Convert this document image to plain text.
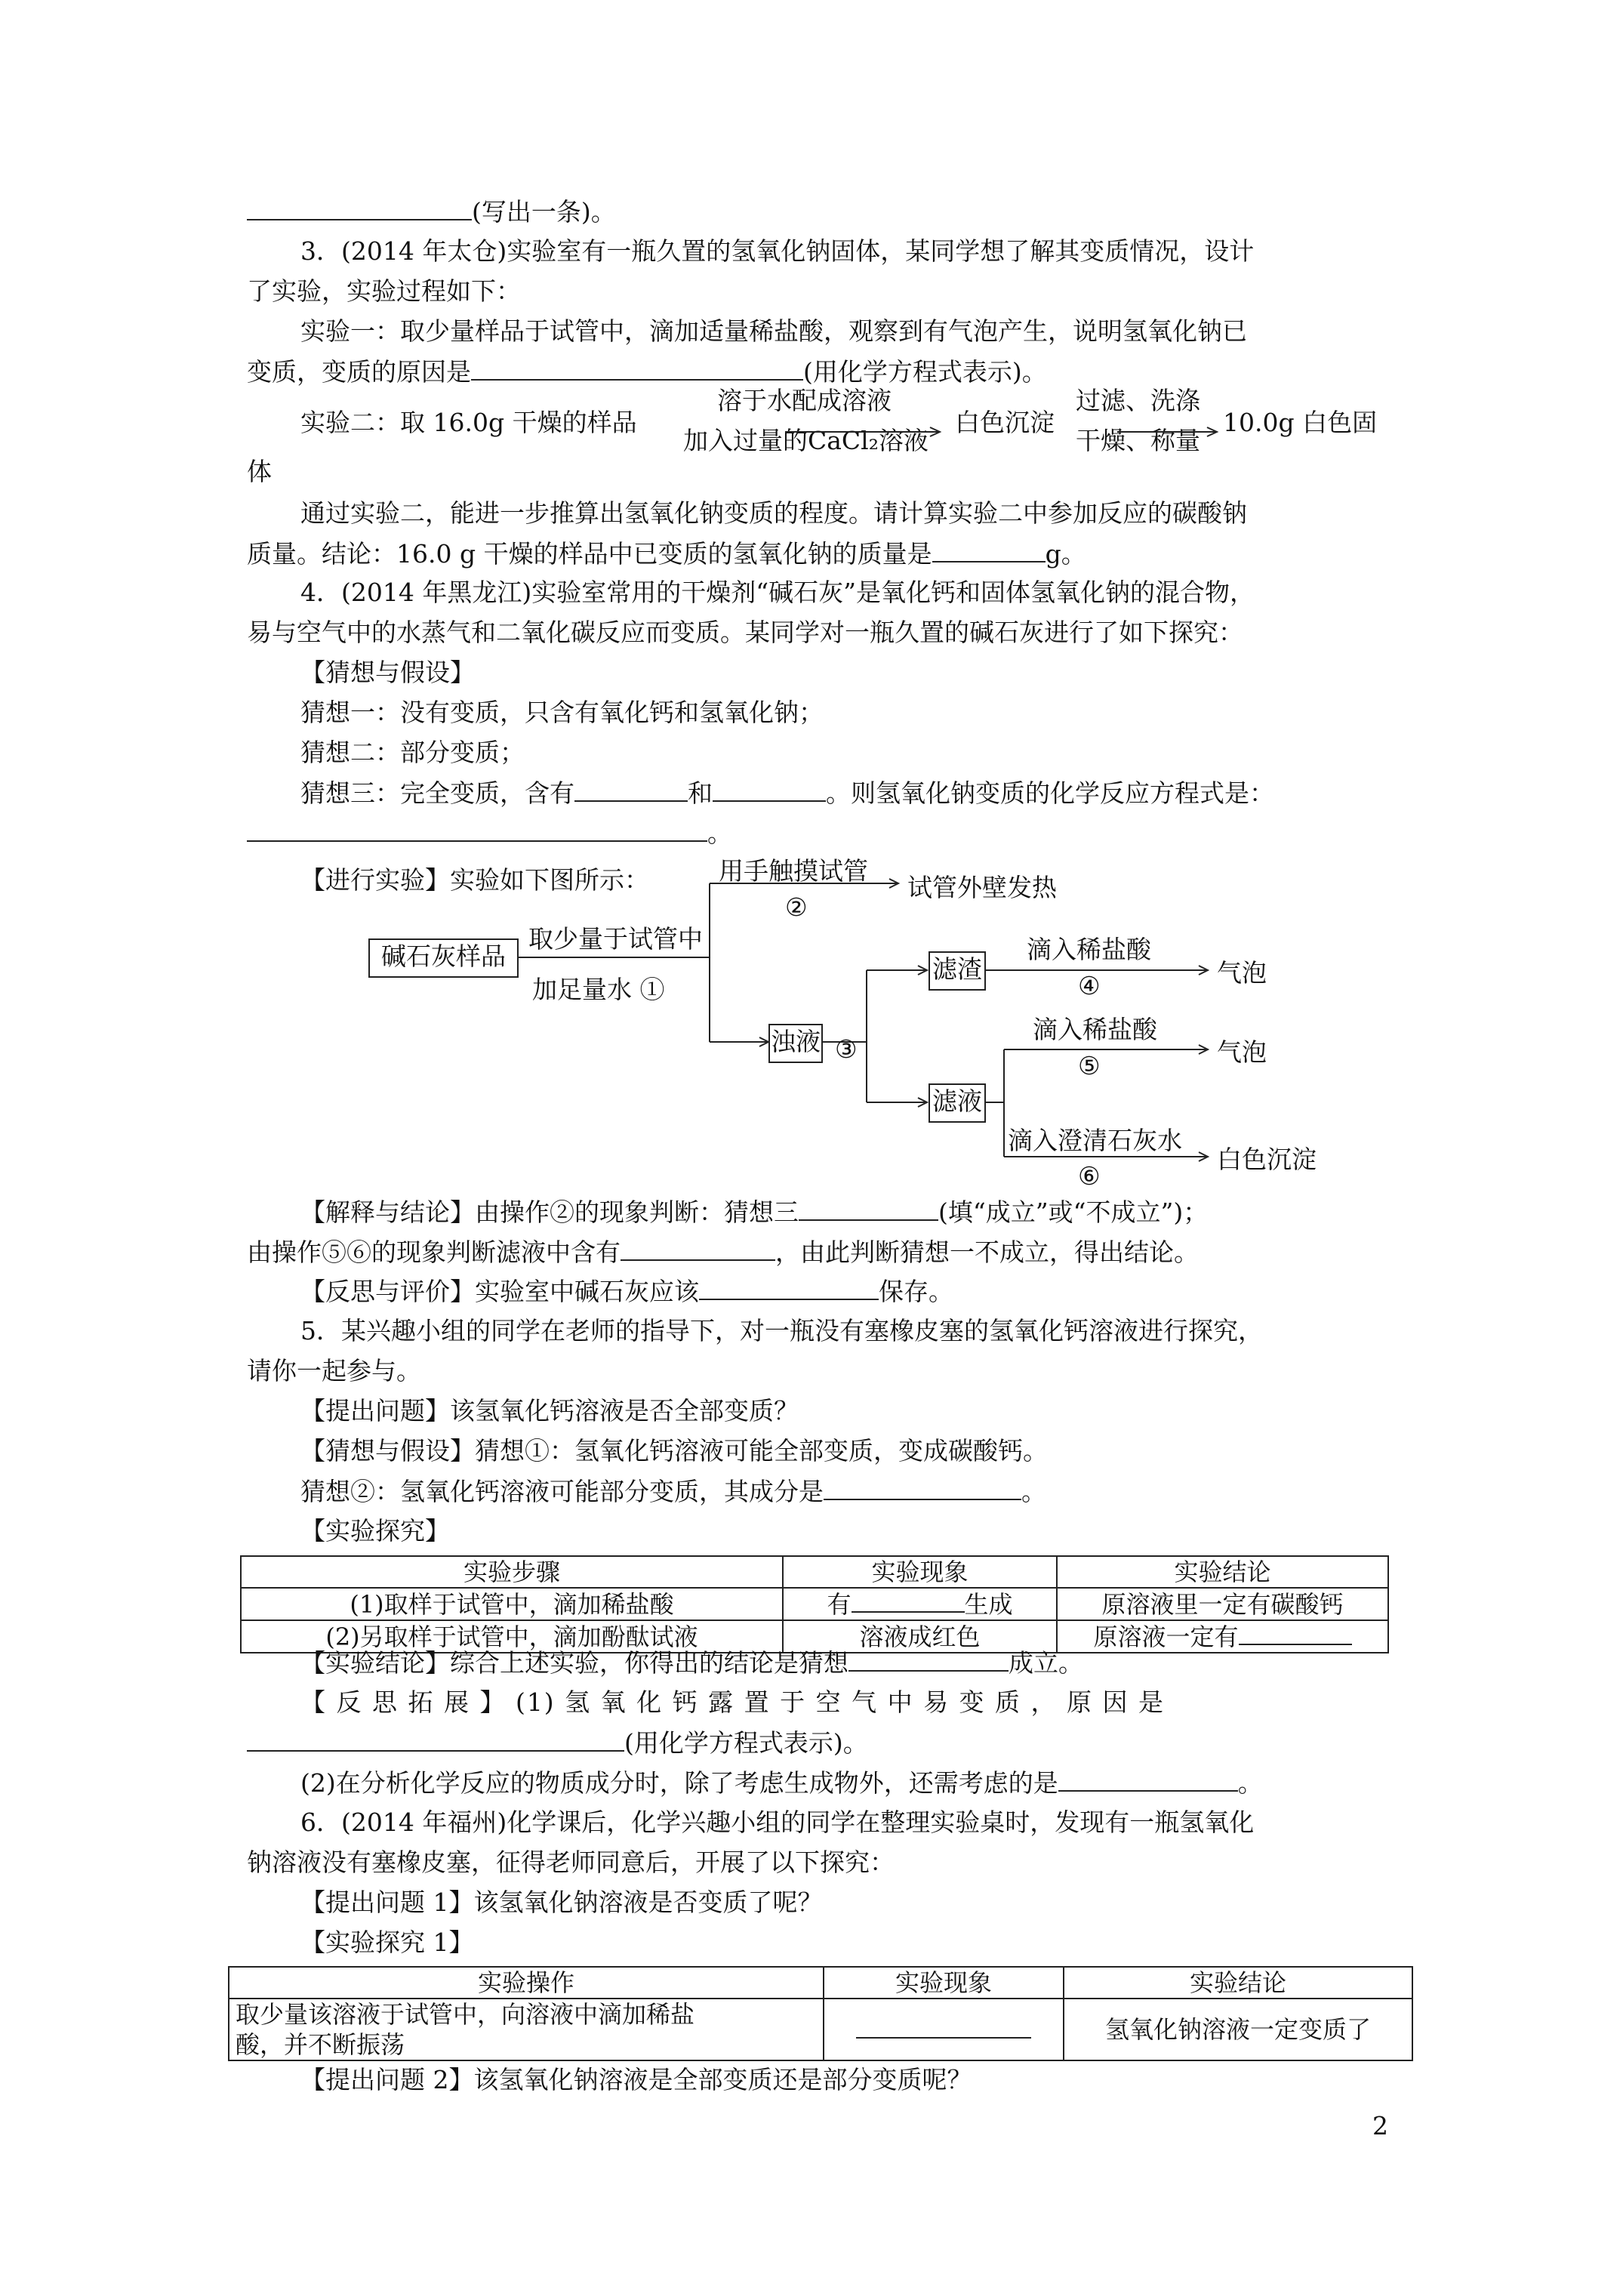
(写出一条)。
3．(2014 年太仓)实验室有一瓶久置的氢氧化钠固体，某同学想了解其变质情况，设计
了实验，实验过程如下：
实验一：取少量样品于试管中，滴加适量稀盐酸，观察到有气泡产生，说明氢氧化钠已
变质，变质的原因是	(用化学方程式表示)。
实验二：取 16.0g 干燥的样品
溶于水配成溶液
加入过量的CaCl₂溶液
白色沉淀
过滤、洗涤
干燥、称量
10.0g 白色固
体
通过实验二，能进一步推算出氢氧化钠变质的程度。请计算实验二中参加反应的碳酸钠
质量。结论：16.0 g 干燥的样品中已变质的氢氧化钠的质量是	g。
4．(2014 年黑龙江)实验室常用的干燥剂“碱石灰”是氧化钙和固体氢氧化钠的混合物，
易与空气中的水蒸气和二氧化碳反应而变质。某同学对一瓶久置的碱石灰进行了如下探究：
【猜想与假设】
猜想一：没有变质，只含有氧化钙和氢氧化钠；
猜想二：部分变质；
猜想三：完全变质，含有	和	。则氢氧化钠变质的化学反应方程式是：
。
【进行实验】实验如下图所示：
碱石灰样品
取少量于试管中
加足量水 ①
用手触摸试管
②
试管外壁发热
浊液 ③
滤渣
滴入稀盐酸
④	气泡
滴入稀盐酸
⑤	气泡
滤液
滴入澄清石灰水
⑥
白色沉淀
【解释与结论】由操作②的现象判断：猜想三	(填“成立”或“不成立”)；
由操作⑤⑥的现象判断滤液中含有	，由此判断猜想一不成立，得出结论。
【反思与评价】实验室中碱石灰应该	保存。
5．某兴趣小组的同学在老师的指导下，对一瓶没有塞橡皮塞的氢氧化钙溶液进行探究，
请你一起参与。
【提出问题】该氢氧化钙溶液是否全部变质？
【猜想与假设】猜想①：氢氧化钙溶液可能全部变质，变成碳酸钙。
猜想②：氢氧化钙溶液可能部分变质，其成分是	。
【实验探究】
实验步骤	实验现象	实验结论
(1)取样于试管中，滴加稀盐酸	有 生成	原溶液里一定有碳酸钙
(2)另取样于试管中，滴加酚酞试液	溶液成红色	原溶液一定有
【实验结论】综合上述实验，你得出的结论是猜想	成立。
【 反 思 拓 展 】 (1) 氢 氧 化 钙 露 置 于 空 气 中 易 变 质 ， 原 因 是
(用化学方程式表示)。
(2)在分析化学反应的物质成分时，除了考虑生成物外，还需考虑的是	。
6．(2014 年福州)化学课后，化学兴趣小组的同学在整理实验桌时，发现有一瓶氢氧化
钠溶液没有塞橡皮塞，征得老师同意后，开展了以下探究：
【提出问题 1】该氢氧化钠溶液是否变质了呢？
【实验探究 1】
实验操作	实验现象	实验结论

取少量该溶液于试管中，向溶液中滴加稀盐
酸，并不断振荡		氢氧化钠溶液一定变质了
【提出问题 2】该氢氧化钠溶液是全部变质还是部分变质呢？
2
